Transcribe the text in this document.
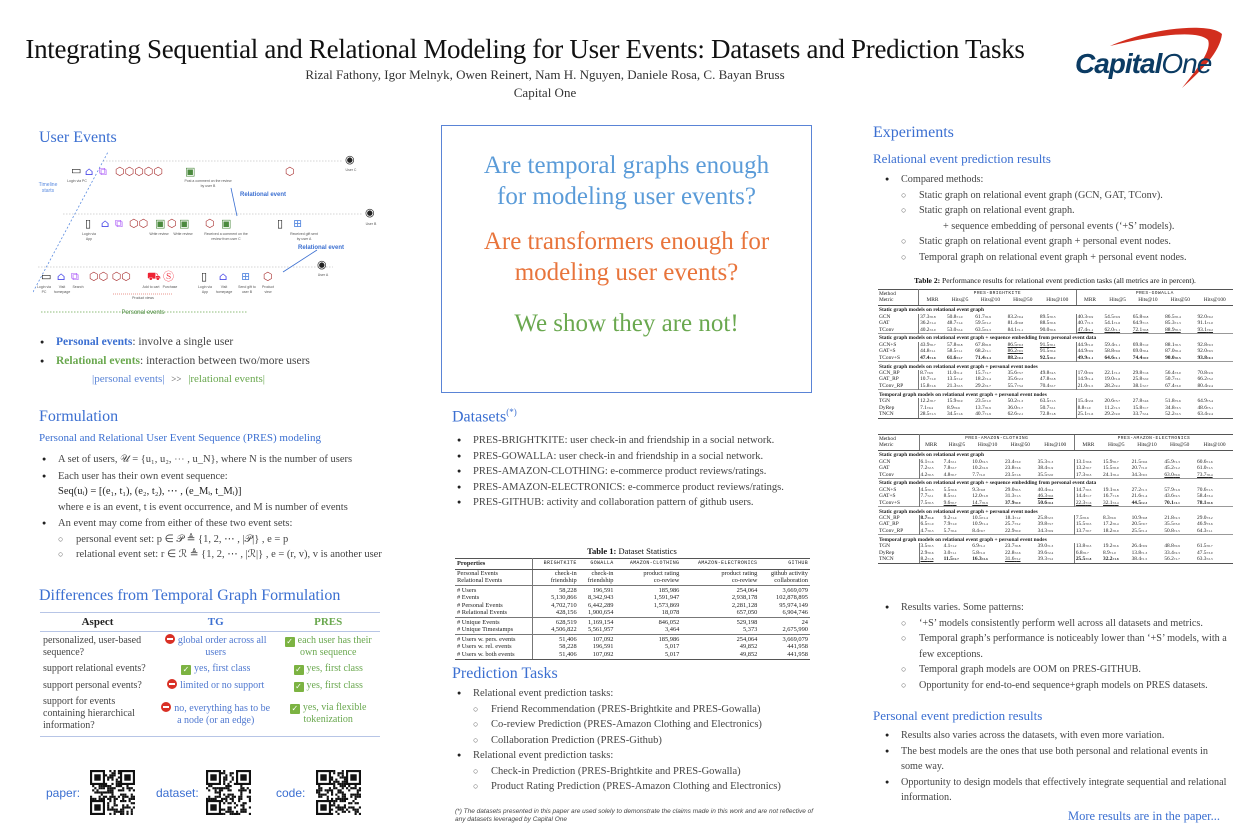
Integrating Sequential and Relational Modeling for User Events: Datasets and Prediction Tasks
Rizal Fathony, Igor Melnyk, Owen Reinert, Nam H. Nguyen, Daniele Rosa, C. Bayan Bruss
Capital One
CapitalOne
User Events
Timeline starts
▭ ⌂ ⧉ ⬡⬡⬡⬡⬡ ▣	⬡
◉
User C
Login via PC	Post a comment on the review by user B
Relational event
▯ ⌂ ⧉ ⬡⬡ ▣ ⬡ ▣ ⬡ ▣	▯ ⊞
◉
User B
Login via App
Write review Write review	Received a comment on the review from user C
Received gift sent by user A
Relational event
▭ ⌂ ⧉ ⬡⬡ ⬡⬡ ⛟ Ⓢ ▯ ⌂ ⊞ ⬡
◉
User A
Login via PC
Visit homepage
Search
Product views
Add to cart Purchase	Login via App
Visit homepage
Send gift to user B
Product view
Personal events
● Personal events: involve a single user
● Relational events: interaction between two/more users
|personal events| >> |relational events|
Formulation
Personal and Relational User Event Sequence (PRES) modeling
● A set of users, 𝒰 = {u₁, u₂, ⋯ , u_N}, where N is the number of users
● Each user has their own event sequence:
Seq(uᵢ) = [(e₁, t₁), (e₂, t₂), ⋯ , (e_Mᵢ, t_Mᵢ)]
where e is an event, t is event occurrence, and M is number of events
● An event may come from either of these two event sets:
○ personal event set: p ∈ 𝒫 ≜ {1, 2, ⋯ , |𝒫|} , e = p
○ relational event set: r ∈ ℛ ≜ {1, 2, ⋯ , |ℛ|} , e = (r, v), v is another user
Differences from Temporal Graph Formulation
Aspect	TG	PRES
personalized, user-based sequence?	global order across all users	✓ each user has their own sequence
support relational events?	✓ yes, first class	✓ yes, first class
support personal events?	limited or no support	✓ yes, first class
support for events containing hierarchical information?	no, everything has to be a node (or an edge)	✓ yes, via flexible tokenization
paper:	dataset:	code:
Are temporal graphs enough for modeling user events?
Are transformers enough for modeling user events?
We show they are not!
Datasets(*)
● PRES-BRIGHTKITE: user check-in and friendship in a social network.
● PRES-GOWALLA: user check-in and friendship in a social network.
● PRES-AMAZON-CLOTHING: e-commerce product reviews/ratings.
● PRES-AMAZON-ELECTRONICS: e-commerce product reviews/ratings.
● PRES-GITHUB: activity and collaboration pattern of github users.
Table 1: Dataset Statistics
Properties	BRIGHTKITE	GOWALLA	AMAZON-CLOTHING	AMAZON-ELECTRONICS	GITHUB
Personal Events	check-in	check-in	product rating	product rating	github activity
Relational Events	friendship	friendship	co-review	co-review	collaboration
# Users	58,228	196,591	185,986	254,064	3,669,079
# Events	5,130,866	8,342,943	1,591,947	2,938,178	102,878,895
# Personal Events	4,702,710	6,442,289	1,573,869	2,281,128	95,974,149
# Relational Events	428,156	1,900,654	18,078	657,050	6,904,746
# Unique Events	628,519	1,169,154	846,052	529,198	24
# Unique Timestamps	4,506,822	5,561,957	3,464	5,373	2,675,990
# Users w. pers. events	51,406	107,092	185,986	254,064	3,669,079
# Users w. rel. events	58,228	196,591	5,017	49,852	441,958
# Users w. both events	51,406	107,092	5,017	49,852	441,958
Prediction Tasks
● Relational event prediction tasks:
○ Friend Recommendation (PRES-Brightkite and PRES-Gowalla)
○ Co-review Prediction (PRES-Amazon Clothing and Electronics)
○ Collaboration Prediction (PRES-Github)
● Relational event prediction tasks:
○ Check-in Prediction (PRES-Brightkite and PRES-Gowalla)
○ Product Rating Prediction (PRES-Amazon Clothing and Electronics)
(*) The datasets presented in this paper are used solely to demonstrate the claims made in this work and are not reflective of any datasets leveraged by Capital One
Experiments
Relational event prediction results
● Compared methods:
○ Static graph on relational event graph (GCN, GAT, TConv).
○ Static graph on relational event graph.
+ sequence embedding of personal events (‘+S’ models).
○ Static graph on relational event graph + personal event nodes.
○ Temporal graph on relational event graph + personal event nodes.
Table 2: Performance results for relational event prediction tasks (all metrics are in percent).
Method	PRES-BRIGHTKITE					PRES-GOWALLA				
Metric	MRR	Hits@5	Hits@10	Hits@50	Hits@100	MRR	Hits@5	Hits@10	Hits@50	Hits@100
Static graph models on relational event graph										
GCN	37.3±0.8	50.8±1.0	61.7±0.9	83.2±0.4	89.5±0.3	40.3±0.9	54.5±0.9	65.8±0.8	86.5±0.4	92.0±0.2
GAT	36.2±1.4	48.7±1.4	59.5±1.2	81.4±0.8	88.5±0.6	40.7±1.5	54.1±1.6	64.9±1.5	85.3±1.3	91.1±1.0
TConv	40.2±2.0	53.0±2.4	63.5±2.3	84.1±1.1	90.0±0.6	47.4±1.1	62.0±1.1	72.1±0.8	88.9±0.3	93.1±0.2
Static graph models on relational event graph + sequence embedding from personal event data										
GCN+S	43.9±0.7	57.8±0.8	67.8±0.8	86.5±0.3	91.5±0.1	44.9±1.0	59.4±1.1	69.8±1.0	88.1±0.5	92.8±0.3
GAT+S	44.8±1.1	58.5±1.1	68.2±1.1	86.2±0.5	91.5±0.4	44.9±0.9	58.8±0.6	69.0±0.4	87.0±0.4	92.0±0.5
TConv+S	47.4±1.8	61.6±1.7	71.4±1.4	88.2±0.4	92.5±0.2	49.9±1.1	64.6±1.1	74.4±0.9	90.0±0.5	93.8±0.3
Static graph models on relational event graph + personal event nodes										
GCN_RP	8.7±0.9	11.0±1.2	15.7±1.7	35.6±3.7	49.8±4.5	17.0±0.9	22.1±1.2	29.8±1.6	56.4±3.0	70.8±2.9
GAT_RP	10.7±1.0	13.5±1.2	18.2±1.4	35.6±2.3	47.8±2.8	14.9±1.4	19.0±1.6	25.8±2.0	50.7±3.1	66.2±3.2
TConv_RP	15.8±1.6	21.3±2.3	29.2±2.7	55.7±3.2	70.4±2.7	21.0±1.5	28.2±2.2	38.1±2.7	67.4±3.0	80.4±2.4
Temporal graph models on relational event graph + personal event nodes										
TGN	12.2±0.7	15.9±0.9	23.5±1.0	50.2±1.3	63.5±1.3	15.4±2.6	20.6±3.7	27.8±4.6	51.8±5.6	64.9±5.4
DyRep	7.1±0.4	8.9±0.6	13.7±0.9	36.0±1.7	50.7±2.1	8.8±1.0	11.2±1.3	15.8±1.7	34.8±3.5	48.6±5.1
TNCN	28.5±1.3	34.5±1.6	40.7±1.9	62.6±2.1	72.8±1.8	25.1±1.6	29.2±2.0	33.7±2.4	52.2±2.5	63.4±2.4
Method	PRES-AMAZON-CLOTHING					PRES-AMAZON-ELECTRONICS				
Metric	MRR	Hits@5	Hits@10	Hits@50	Hits@100	MRR	Hits@5	Hits@10	Hits@50	Hits@100
Static graph models on relational event graph										
GCN	6.1±1.6	7.4±2.1	10.0±2.5	23.4±3.0	35.3±1.3	13.1±0.6	15.9±0.7	21.5±0.6	45.9±1.3	60.6±1.6
GAT	7.2±2.5	7.8±2.7	10.2±2.9	23.8±3.6	38.4±1.9	13.2±0.7	15.5±0.9	20.7±1.0	45.2±1.2	61.0±1.5
TConv	4.2±0.3	4.8±0.7	7.7±1.0	23.5±1.6	35.5±2.0	17.3±0.3	24.1±0.4	34.3±0.5	63.0±0.6	73.7±0.4
Static graph models on relational event graph + sequence embedding from personal event data										
GCN+S	4.5±0.3	5.5±0.6	9.3±0.8	29.0±0.5	40.4±0.4	14.7±0.5	19.1±0.8	27.2±1.5	57.9±1.9	70.6±1.5
GAT+S	7.7±2.1	8.5±2.1	12.0±1.8	31.3±1.3	46.3±0.6	14.4±1.7	16.7±1.8	21.6±1.4	43.6±2.5	58.4±3.4
TConv+S	7.5±0.5	9.6±0.7	14.7±0.9	37.9±0.9	50.6±0.4	22.3±1.6	32.1±2.4	44.5±2.3	70.1±1.1	78.1±0.8
Static graph models on relational event graph + personal event nodes										
GCN_RP	8.7±1.4	9.2±1.4	10.5±1.4	18.1±1.2	25.8±2.5	7.5±0.6	8.3±0.6	10.9±0.8	21.8±2.3	29.0±3.2
GAT_RP	6.5±1.0	7.9±1.0	10.9±1.4	25.7±3.2	39.8±3.7	15.5±0.5	17.2±0.4	20.5±0.7	35.5±3.0	46.9±3.6
TConv_RP	4.7±0.3	5.7±0.4	8.4±0.7	22.9±0.9	34.3±0.9	13.7±0.7	18.2±0.9	25.5±1.2	50.8±1.5	64.3±1.1
Temporal graph models on relational event graph + personal event nodes										
TGN	3.5±0.5	4.1±1.2	6.9±1.2	23.7±0.8	39.0±1.3	13.8±0.3	19.2±0.6	26.4±0.9	48.8±0.9	61.5±0.7
DyRep	2.9±0.6	3.0±1.1	5.8±1.6	22.8±2.6	39.6±2.4	6.8±0.7	8.9±1.0	13.8±1.3	33.4±2.3	47.5±3.0
TNCN	8.2±1.8	11.5±2.7	16.3±2.6	31.6±3.2	39.3±3.2	25.5±1.8	32.2±1.8	38.4±1.5	56.2±1.7	63.3±2.3
● Results varies. Some patterns:
○ ‘+S’ models consistently perform well across all datasets and metrics.
○ Temporal graph’s performance is noticeably lower than ‘+S’ models, with a few exceptions.
○ Temporal graph models are OOM on PRES-GITHUB.
○ Opportunity for end-to-end sequence+graph models on PRES datasets.
Personal event prediction results
● Results also varies across the datasets, with even more variation.
● The best models are the ones that use both personal and relational events in some way.
● Opportunity to design models that effectively integrate sequential and relational information.
More results are in the paper...
